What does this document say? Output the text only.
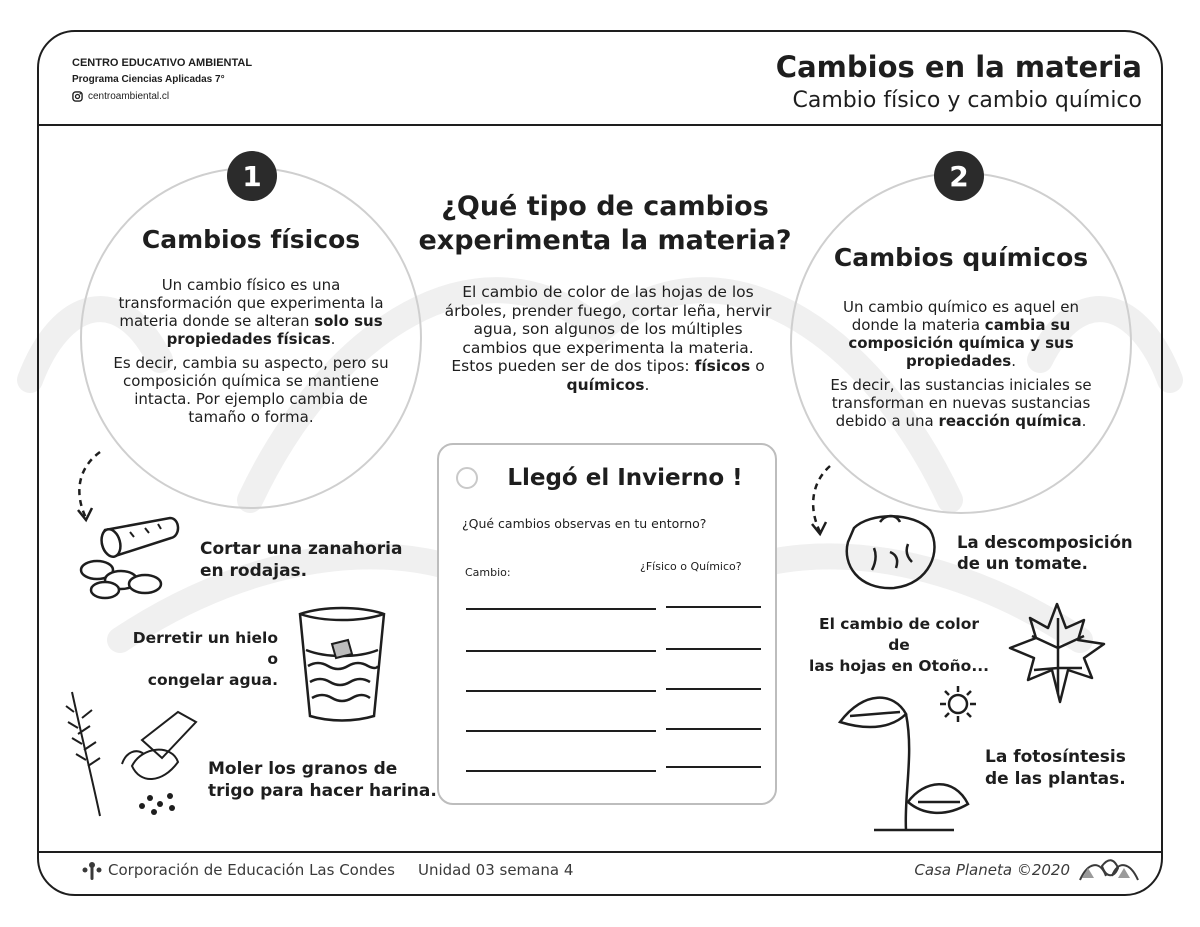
CENTRO EDUCATIVO AMBIENTAL
Programa Ciencias Aplicadas 7°
centroambiental.cl
Cambios en la materia
Cambio físico y cambio químico
1
Cambios físicos

Un cambio físico es una transformación que experimenta la materia donde se alteran solo sus propiedades físicas.

Es decir, cambia su aspecto, pero su composición química se mantiene intacta. Por ejemplo cambia de tamaño o forma.

2
Cambios químicos

Un cambio químico es aquel en donde la materia cambia su composición química y sus propiedades.

Es decir, las sustancias iniciales se transforman en nuevas sustancias debido a una reacción química.

¿Qué tipo de cambios
experimenta la materia?
El cambio de color de las hojas de los árboles, prender fuego, cortar leña, hervir agua, son algunos de los múltiples cambios que experimenta la materia. Estos pueden ser de dos tipos: físicos o químicos.
Llegó el Invierno !
¿Qué cambios observas en tu entorno?
Cambio:	¿Físico o Químico?
Cortar una zanahoria
en rodajas.
Derretir un hielo o
congelar agua.
Moler los granos de
trigo para hacer harina.
La descomposición
de un tomate.
El cambio de color de
las hojas en Otoño...
La fotosíntesis
de las plantas.
Corporación de Educación Las Condes Unidad 03 semana 4	Casa Planeta ©2020
